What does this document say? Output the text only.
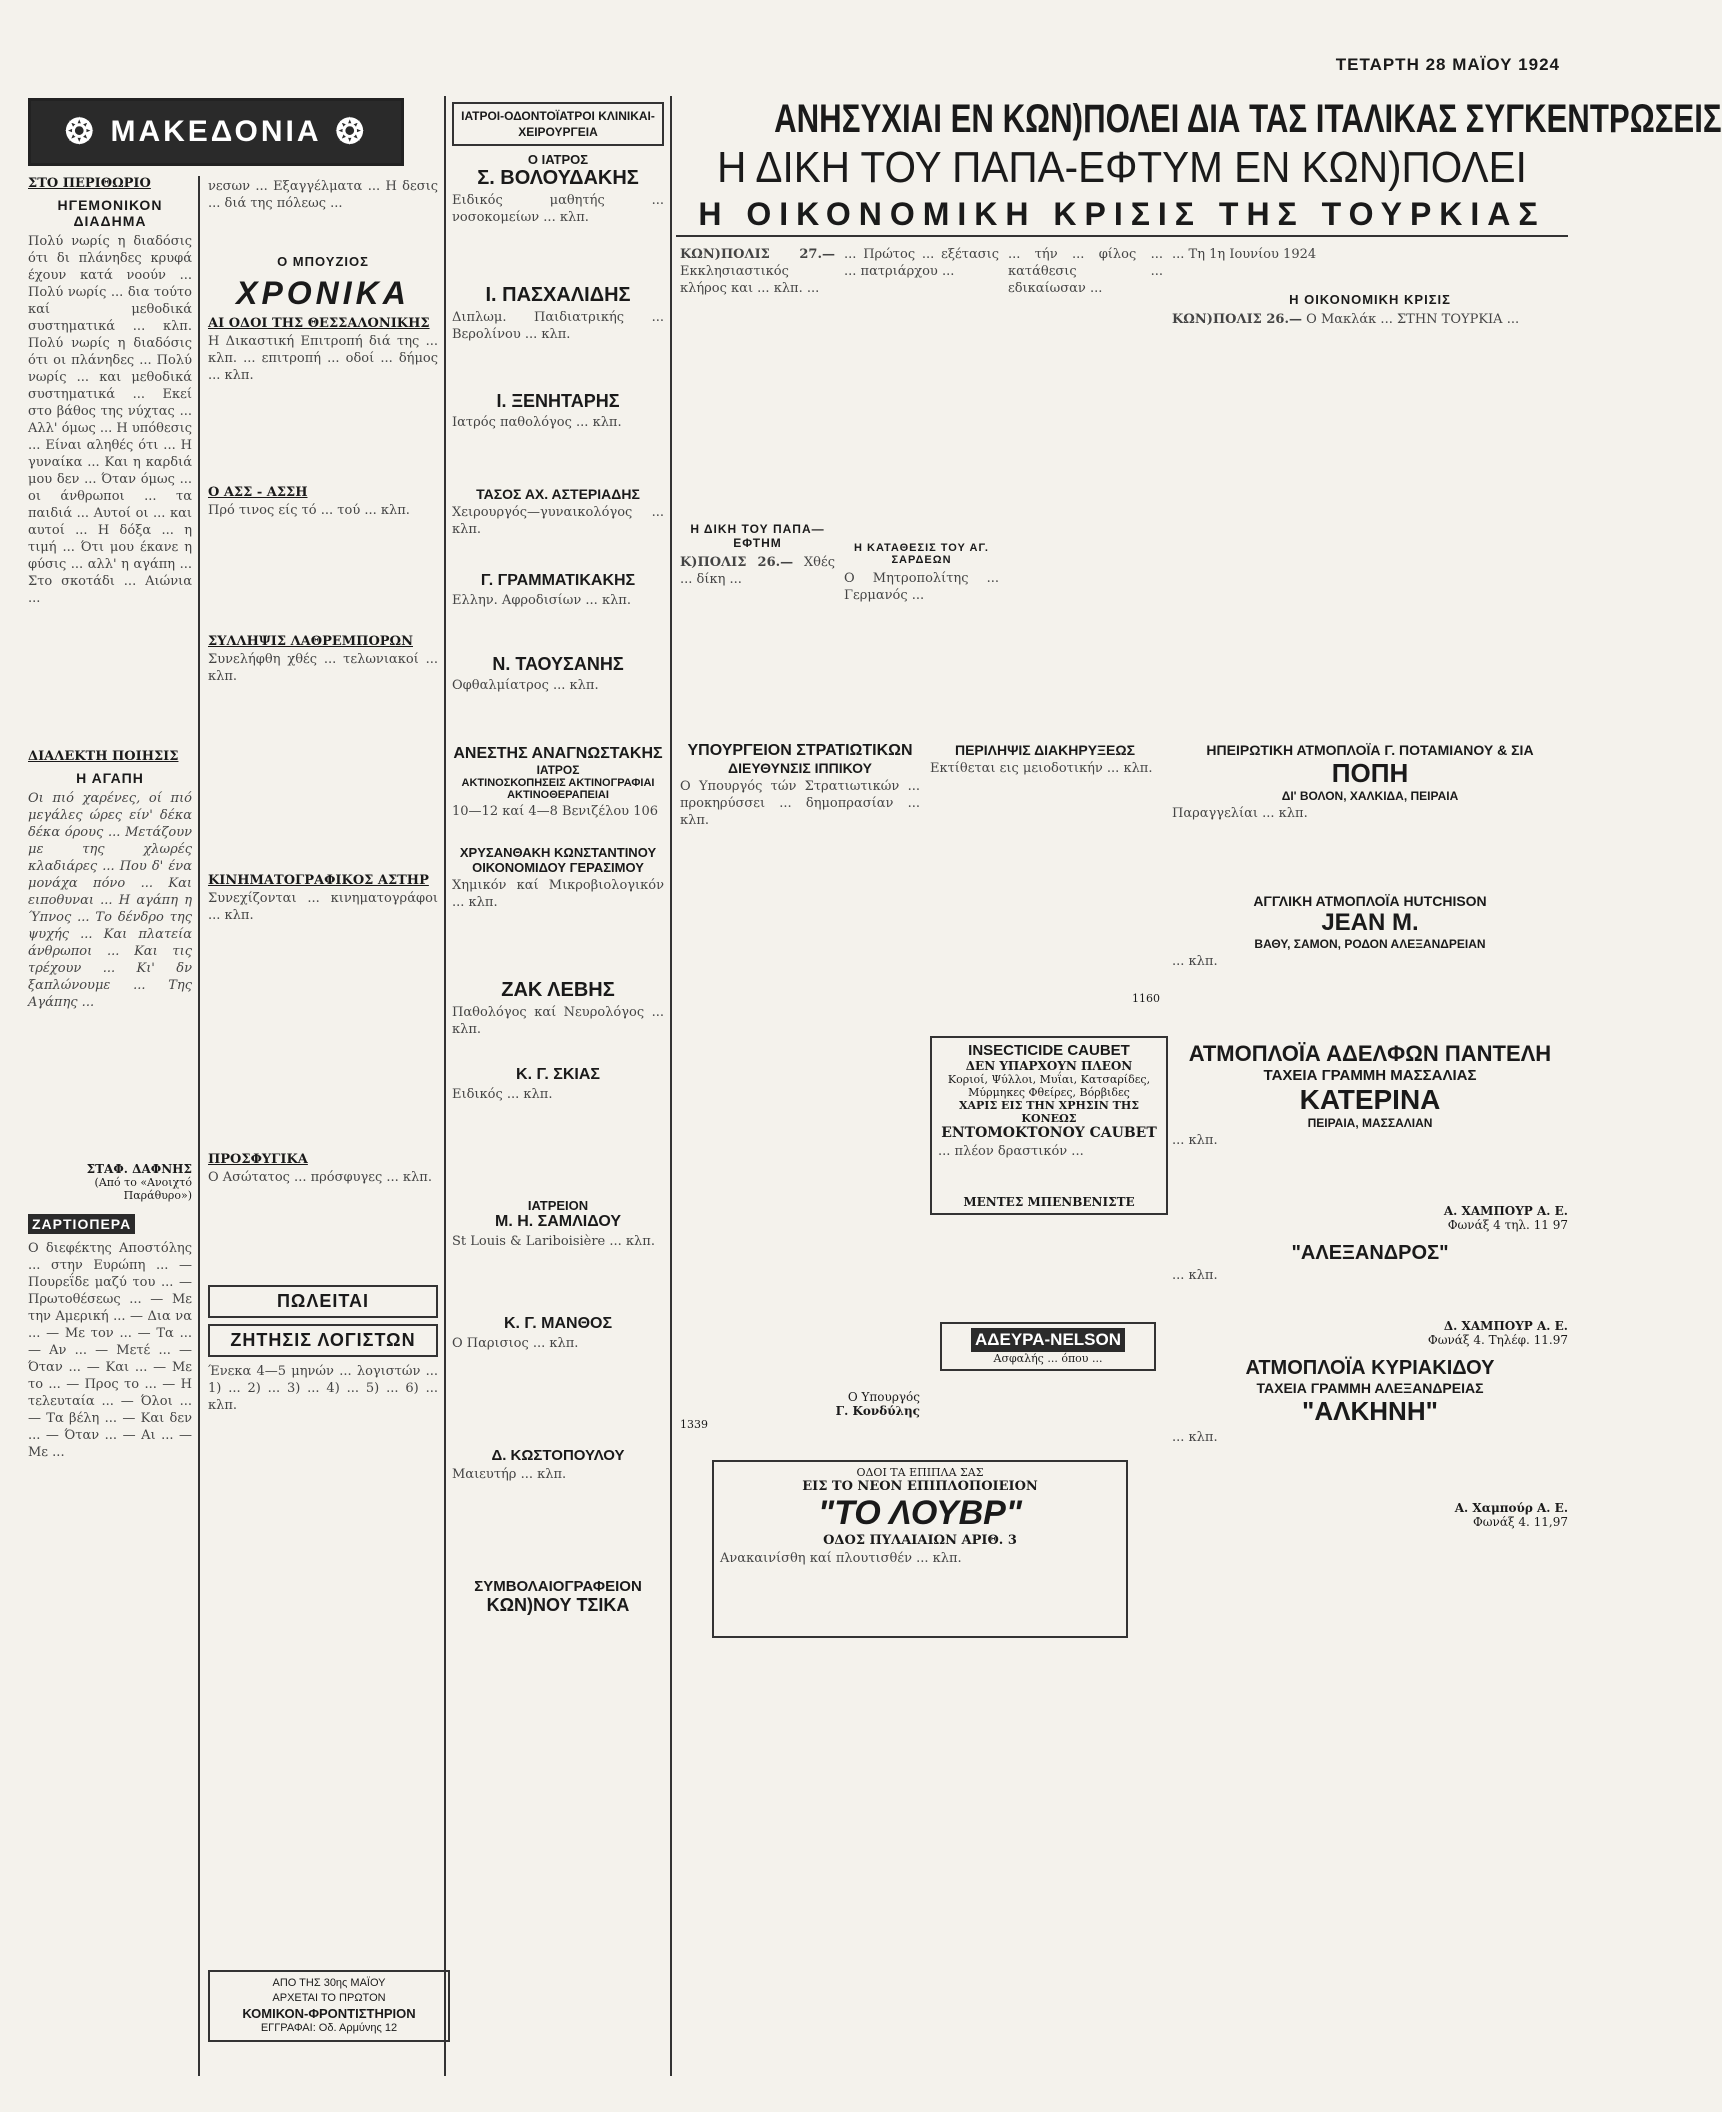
ΤΕΤΑΡΤΗ 28 ΜΑΪΟΥ 1924
❂ ΜΑΚΕΔΟΝΙΑ ❂
ΣΤΟ ΠΕΡΙΘΩΡΙΟ
ΗΓΕΜΟΝΙΚΟΝ ΔΙΑΔΗΜΑ
Πολύ νωρίς η διαδόσις ότι δι πλάνηδες κρυφά έχουν κατά νοούν ... Πολύ νωρίς ... δια τούτο καί μεθοδικά συστηματικά ... κλπ. Πολύ νωρίς η διαδόσις ότι οι πλάνηδες ... Πολύ νωρίς ... και μεθοδικά συστηματικά ... Εκεί στο βάθος της νύχτας ... Αλλ' όμως ... Η υπόθεσις ... Είναι αληθές ότι ... Η γυναίκα ... Και η καρδιά μου δεν ... Όταν όμως ... οι άνθρωποι ... τα παιδιά ... Αυτοί οι ... και αυτοί ... Η δόξα ... η τιμή ... Ότι μου έκανε η φύσις ... αλλ' η αγάπη ... Στο σκοτάδι ... Αιώνια ...
ΔΙΑΛΕΚΤΗ ΠΟΙΗΣΙΣ
Η ΑΓΑΠΗ
Οι πιό χαρένες, οί πιό μεγάλες ώρες είν' δέκα δέκα όρους ... Μετάζουν με της χλωρές κλαδιάρες ... Που δ' ένα μονάχα πόνο ... Και ειποθυναι ... Η αγάπη η Ύπνος ... Το δένδρο της ψυχής ... Και πλατεία άνθρωποι ... Και τις τρέχουν ... Κι' δν ξαπλώνουμε ... Της Αγάπης ...
ΣΤΑΦ. ΔΑΦΝΗΣ
(Από το «Ανοιχτό Παράθυρο»)
ΖΑΡΤΙΟΠΕΡΑ
Ο διεφέκτης Αποστόλης ... στην Ευρώπη ... — Πουρεΐδε μαζύ του ... — Πρωτοθέσεως ... — Με την Αμερική ... — Δια να ... — Με τον ... — Τα ... — Αν ... — Μετέ ... — Όταν ... — Και ... — Με το ... — Προς το ... — Η τελευταία ... — Όλοι ... — Τα βέλη ... — Και δεν ... — Όταν ... — Αι ... — Με ...
νεσων ... Εξαγγέλματα ... Η δεσις ... διά της πόλεως ...
Ο ΜΠΟΥΖΙΟΣ
ΧΡΟΝΙΚΑ
ΑΙ ΟΔΟΙ ΤΗΣ ΘΕΣΣΑΛΟΝΙΚΗΣ
Η Δικαστική Επιτροπή διά της ... κλπ. ... επιτροπή ... οδοί ... δήμος ... κλπ.
Ο ΑΣΣ - ΑΣΣΗ
Πρό τινος είς τό ... τού ... κλπ.
ΣΥΛΛΗΨΙΣ ΛΑΘΡΕΜΠΟΡΩΝ
Συνελήφθη χθές ... τελωνιακοί ... κλπ.
ΚΙΝΗΜΑΤΟΓΡΑΦΙΚΟΣ ΑΣΤΗΡ
Συνεχίζονται ... κινηματογράφοι ... κλπ.
ΠΡΟΣΦΥΓΙΚΑ
Ο Ασώτατος ... πρόσφυγες ... κλπ.
ΠΩΛΕΙΤΑΙ
ΖΗΤΗΣΙΣ ΛΟΓΙΣΤΩΝ
Ένεκα 4—5 μηνών ... λογιστών ... 1) ... 2) ... 3) ... 4) ... 5) ... 6) ... κλπ.
ΑΠΟ ΤΗΣ 30ης ΜΑΪΟΥ
ΑΡΧΕΤΑΙ ΤΟ ΠΡΩΤΟΝ
ΚΟΜΙΚΟΝ-ΦΡΟΝΤΙΣΤΗΡΙΟΝ
ΕΓΓΡΑΦΑΙ: Οδ. Αρμύνης 12
ΙΑΤΡΟΙ-ΟΔΟΝΤΟΪΑΤΡΟΙ ΚΛΙΝΙΚΑΙ-ΧΕΙΡΟΥΡΓΕΙΑ
Ο ΙΑΤΡΟΣ
Σ. ΒΟΛΟΥΔΑΚΗΣ
Ειδικός μαθητής ... νοσοκομείων ... κλπ.
Ι. ΠΑΣΧΑΛΙΔΗΣ
Διπλωμ. Παιδιατρικής ... Βερολίνου ... κλπ.
Ι. ΞΕΝΗΤΑΡΗΣ
Ιατρός παθολόγος ... κλπ.
ΤΑΣΟΣ ΑΧ. ΑΣΤΕΡΙΑΔΗΣ
Χειρουργός—γυναικολόγος ... κλπ.
Γ. ΓΡΑΜΜΑΤΙΚΑΚΗΣ
Ελλην. Αφροδισίων ... κλπ.
Ν. ΤΑΟΥΣΑΝΗΣ
Οφθαλμίατρος ... κλπ.
ΑΝΕΣΤΗΣ ΑΝΑΓΝΩΣΤΑΚΗΣ
ΙΑΤΡΟΣ
ΑΚΤΙΝΟΣΚΟΠΗΣΕΙΣ ΑΚΤΙΝΟΓΡΑΦΙΑΙ ΑΚΤΙΝΟΘΕΡΑΠΕΙΑΙ
10—12 καί 4—8 Βενιζέλου 106
ΧΡΥΣΑΝΘΑΚΗ ΚΩΝΣΤΑΝΤΙΝΟΥ
ΟΙΚΟΝΟΜΙΔΟΥ ΓΕΡΑΣΙΜΟΥ
Χημικόν καί Μικροβιολογικόν ... κλπ.
ΖΑΚ ΛΕΒΗΣ
Παθολόγος καί Νευρολόγος ... κλπ.
Κ. Γ. ΣΚΙΑΣ
Ειδικός ... κλπ.
ΙΑΤΡΕΙΟΝ
Μ. Η. ΣΑΜΛΙΔΟΥ
St Louis & Lariboisière ... κλπ.
Κ. Γ. ΜΑΝΘΟΣ
Ο Παρισιος ... κλπ.
Δ. ΚΩΣΤΟΠΟΥΛΟΥ
Μαιευτήρ ... κλπ.
ΣΥΜΒΟΛΑΙΟΓΡΑΦΕΙΟΝ
ΚΩΝ)ΝΟΥ ΤΣΙΚΑ
ΑΝΗΣΥΧΙΑΙ ΕΝ ΚΩΝ)ΠΟΛΕΙ ΔΙΑ ΤΑΣ ΙΤΑΛΙΚΑΣ ΣΥΓΚΕΝΤΡΩΣΕΙΣ
Η ΔΙΚΗ ΤΟΥ ΠΑΠΑ-ΕΦΤΥΜ ΕΝ ΚΩΝ)ΠΟΛΕΙ
Η ΟΙΚΟΝΟΜΙΚΗ ΚΡΙΣΙΣ ΤΗΣ ΤΟΥΡΚΙΑΣ
ΚΩΝ)ΠΟΛΙΣ 27.— Εκκλησιαστικός κλήρος και ... κλπ. ...
Η ΔΙΚΗ ΤΟΥ ΠΑΠΑ—ΕΦΤΗΜ
Κ)ΠΟΛΙΣ 26.— Χθές ... δίκη ...
... Πρώτος ... εξέτασις ... πατριάρχου ...
Η ΚΑΤΑΘΕΣΙΣ ΤΟΥ ΑΓ. ΣΑΡΔΕΩΝ
Ο Μητροπολίτης ... Γερμανός ...
... τήν ... φίλος ... κατάθεσις ... εδικαίωσαν ...
... Τη 1η Ιουνίου 1924
Η ΟΙΚΟΝΟΜΙΚΗ ΚΡΙΣΙΣ
ΚΩΝ)ΠΟΛΙΣ 26.— Ο Μακλάκ ... ΣΤΗΝ ΤΟΥΡΚΙΑ ...
ΥΠΟΥΡΓΕΙΟΝ ΣΤΡΑΤΙΩΤΙΚΩΝ
ΔΙΕΥΘΥΝΣΙΣ ΙΠΠΙΚΟΥ
Ο Υπουργός τών Στρατιωτικών ... προκηρύσσει ... δημοπρασίαν ... κλπ.
Ο Υπουργός
Γ. Κονδύλης
1339
ΠΕΡΙΛΗΨΙΣ ΔΙΑΚΗΡΥΞΕΩΣ
Εκτίθεται εις μειοδοτικήν ... κλπ.
1160
INSECTICIDE CAUBET
ΔΕΝ ΥΠΑΡΧΟΥΝ ΠΛΕΟΝ
Κοριοί, Ψύλλοι, Μυΐαι, Κατσαρίδες, Μύρμηκες Φθείρες, Βόρβιδες
ΧΑΡΙΣ ΕΙΣ ΤΗΝ ΧΡΗΣΙΝ ΤΗΣ ΚΟΝΕΩΣ
ΕΝΤΟΜΟΚΤΟΝΟΥ CAUBET
... πλέον δραστικόν ...
ΜΕΝΤΕΣ ΜΠΕΝΒΕΝΙΣΤΕ
ΑΔΕΥΡΑ-NELSON
Ασφαλής ... όπου ...
ΟΔΟΙ ΤΑ ΕΠΙΠΛΑ ΣΑΣ
ΕΙΣ ΤΟ ΝΕΟΝ ΕΠΙΠΛΟΠΟΙΕΙΟΝ
"ΤΟ ΛΟΥΒΡ"
ΟΔΟΣ ΠΥΛΑΙΑΙΩΝ ΑΡΙΘ. 3
Ανακαινίσθη καί πλουτισθέν ... κλπ.
ΗΠΕΙΡΩΤΙΚΗ ΑΤΜΟΠΛΟΪΑ Γ. ΠΟΤΑΜΙΑΝΟΥ & ΣΙΑ
ΠΟΠΗ
ΔΙ' ΒΟΛΟΝ, ΧΑΛΚΙΔΑ, ΠΕΙΡΑΙΑ
Παραγγελίαι ... κλπ.
ΑΓΓΛΙΚΗ ΑΤΜΟΠΛΟΪΑ HUTCHISON
JEAN M.
ΒΑΘΥ, ΣΑΜΟΝ, ΡΟΔΟΝ ΑΛΕΞΑΝΔΡΕΙΑΝ
... κλπ.
ΑΤΜΟΠΛΟΪΑ ΑΔΕΛΦΩΝ ΠΑΝΤΕΛΗ
ΤΑΧΕΙΑ ΓΡΑΜΜΗ ΜΑΣΣΑΛΙΑΣ
ΚΑΤΕΡΙΝΑ
ΠΕΙΡΑΙΑ, ΜΑΣΣΑΛΙΑΝ
... κλπ.
Α. ΧΑΜΠΟΥΡ Α. Ε.
Φωνάξ 4 τηλ. 11 97
"ΑΛΕΞΑΝΔΡΟΣ"
... κλπ.
Δ. ΧΑΜΠΟΥΡ Α. Ε.
Φωνάξ 4. Τηλέφ. 11.97
ΑΤΜΟΠΛΟΪΑ ΚΥΡΙΑΚΙΔΟΥ
ΤΑΧΕΙΑ ΓΡΑΜΜΗ ΑΛΕΞΑΝΔΡΕΙΑΣ
"ΑΛΚΗΝΗ"
... κλπ.
Α. Χαμπούρ Α. Ε.
Φωνάξ 4. 11,97
